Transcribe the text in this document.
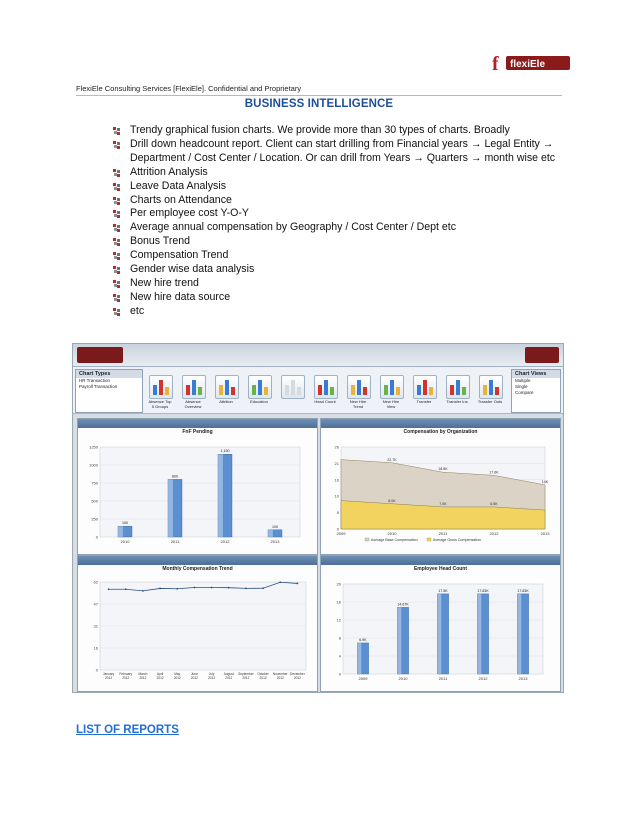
f flexiEle
FlexiEle Consulting Services [FlexiEle]. Confidential and Proprietary
BUSINESS INTELLIGENCE
Trendy graphical fusion charts. We provide more than 30 types of charts. Broadly
Drill down headcount report. Client can start drilling from Financial years → Legal Entity →
Department / Cost Center / Location. Or can drill from Years → Quarters → month wise etc
Attrition Analysis
Leave Data Analysis
Charts on Attendance
Per employee cost Y-O-Y
Average annual compensation by Geography / Cost Center / Dept etc
Bonus Trend
Compensation Trend
Gender wise data analysis
New hire trend
New hire data source
etc
Chart Types
HR Transaction
Payroll Transaction
Absence Top 5 Groups
Absence Overview
Attrition	Education	Head Count	New Hire Trend
New Hire View
Transfer	Transfer Ins	Transfer Outs
Chart Views
Multiple
Single
Compare
FnF Pending
0
250
500
750
1000
1250
150
2010
800
2011
1,150
2012
100
2013
Compensation by Organization
0
5
10
16
21
26
22.7K
18.8K
17.6K
14K
8.0K
7.0K	6.6K
2009	2010	2011	2012	2013
Average Base Compensation	Average Gross Compensation
Monthly Compensation Trend
0
16
31
47
62
January
2012
February
2012
March
2012
April
2012
May
2012
June
2012
July
2012
August
2012
September
2012
October
2012
November
2012
December
2012
Employee Head Count
0
4
8
12
16
20
6.9K
2009
14.67K
2010
17.5K
2011
17.83K
2012
17.83K
2013
LIST OF REPORTS
